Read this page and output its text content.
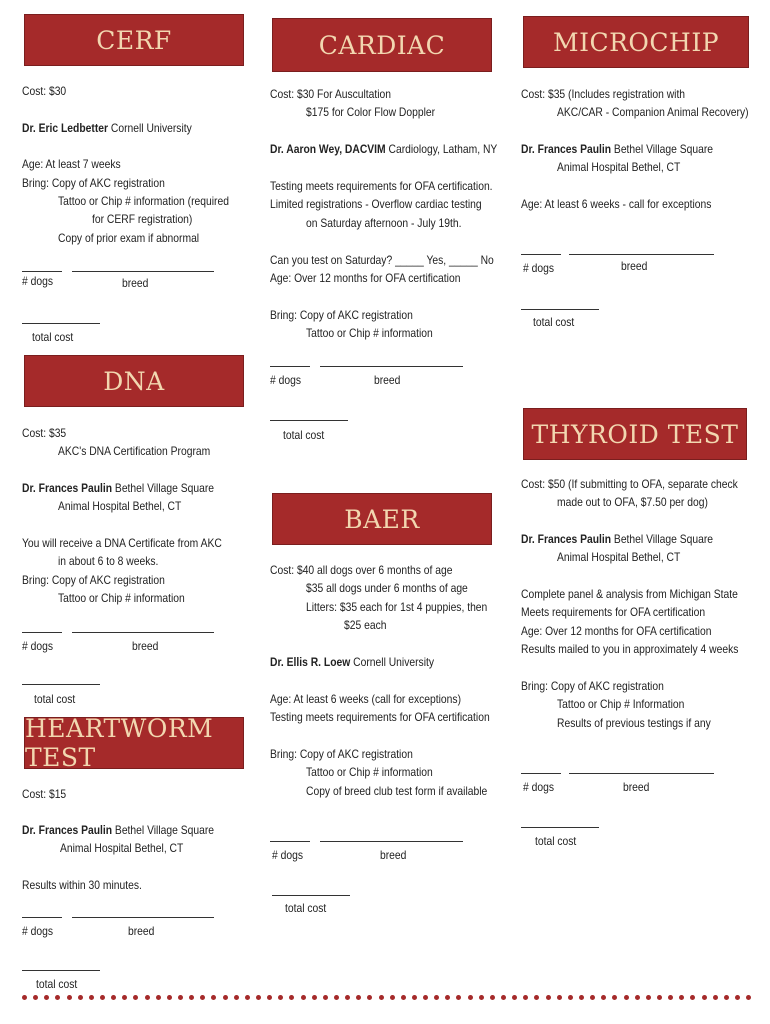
CERF
Cost: $30
Dr. Eric Ledbetter Cornell University
Age: At least 7 weeks
Bring: Copy of AKC registration
Tattoo or Chip # information (required
for CERF registration)
Copy of prior exam if abnormal
# dogs	breed
total cost
DNA
Cost: $35
AKC's DNA Certification Program
Dr. Frances Paulin Bethel Village Square
Animal Hospital Bethel, CT
You will receive a DNA Certificate from AKC
in about 6 to 8 weeks.
Bring: Copy of AKC registration
Tattoo or Chip # information
# dogs	breed
total cost
HEARTWORM TEST
Cost: $15
Dr. Frances Paulin Bethel Village Square
Animal Hospital Bethel, CT
Results within 30 minutes.
# dogs	breed
total cost
CARDIAC
Cost: $30 For Auscultation
$175 for Color Flow Doppler
Dr. Aaron Wey, DACVIM Cardiology, Latham, NY
Testing meets requirements for OFA certification.
Limited registrations - Overflow cardiac testing
on Saturday afternoon - July 19th.
Can you test on Saturday? _____ Yes, _____ No
Age: Over 12 months for OFA certification
Bring: Copy of AKC registration
Tattoo or Chip # information
# dogs	breed
total cost
BAER
Cost: $40 all dogs over 6 months of age
$35 all dogs under 6 months of age
Litters: $35 each for 1st 4 puppies, then
$25 each
Dr. Ellis R. Loew Cornell University
Age: At least 6 weeks (call for exceptions)
Testing meets requirements for OFA certification
Bring: Copy of AKC registration
Tattoo or Chip # information
Copy of breed club test form if available
# dogs	breed
total cost
MICROCHIP
Cost: $35 (Includes registration with
AKC/CAR - Companion Animal Recovery)
Dr. Frances Paulin Bethel Village Square
Animal Hospital Bethel, CT
Age: At least 6 weeks - call for exceptions
# dogs	breed
total cost
THYROID TEST
Cost: $50 (If submitting to OFA, separate check
made out to OFA, $7.50 per dog)
Dr. Frances Paulin Bethel Village Square
Animal Hospital Bethel, CT
Complete panel & analysis from Michigan State
Meets requirements for OFA certification
Age: Over 12 months for OFA certification
Results mailed to you in approximately 4 weeks
Bring: Copy of AKC registration
Tattoo or Chip # Information
Results of previous testings if any
# dogs	breed
total cost
